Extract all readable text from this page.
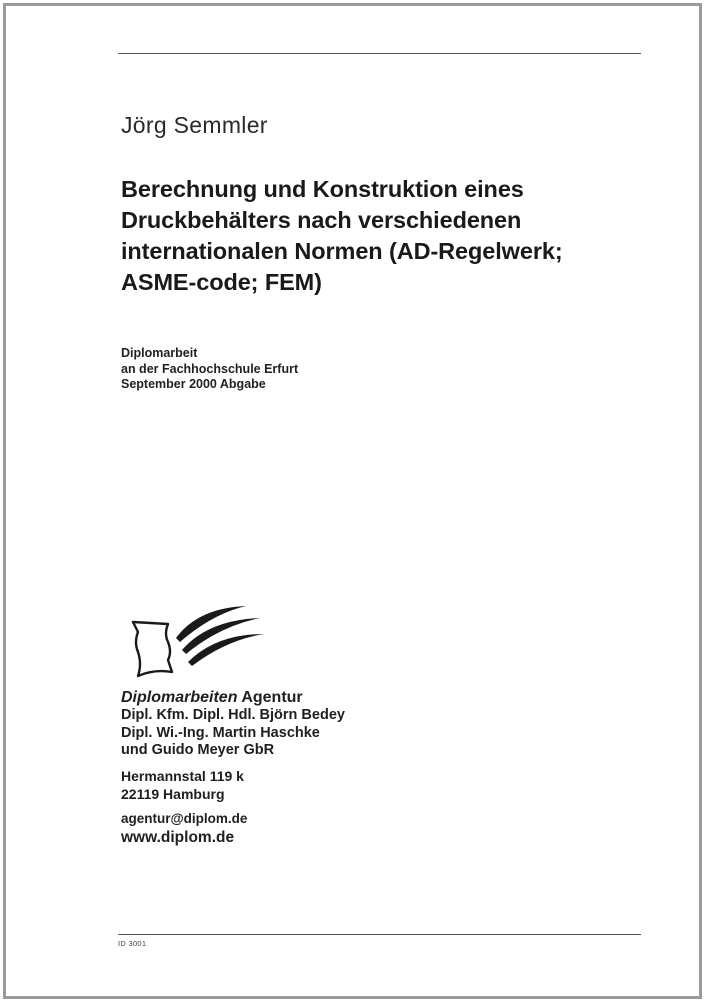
Jörg Semmler
Berechnung und Konstruktion eines
Druckbehälters nach verschiedenen
internationalen Normen (AD-Regelwerk;
ASME-code; FEM)
Diplomarbeit
an der Fachhochschule Erfurt
September 2000 Abgabe
Diplomarbeiten Agentur
Dipl. Kfm. Dipl. Hdl. Björn Bedey
Dipl. Wi.-Ing. Martin Haschke
und Guido Meyer GbR
Hermannstal 119 k
22119 Hamburg
agentur@diplom.de
www.diplom.de
ID 3001
